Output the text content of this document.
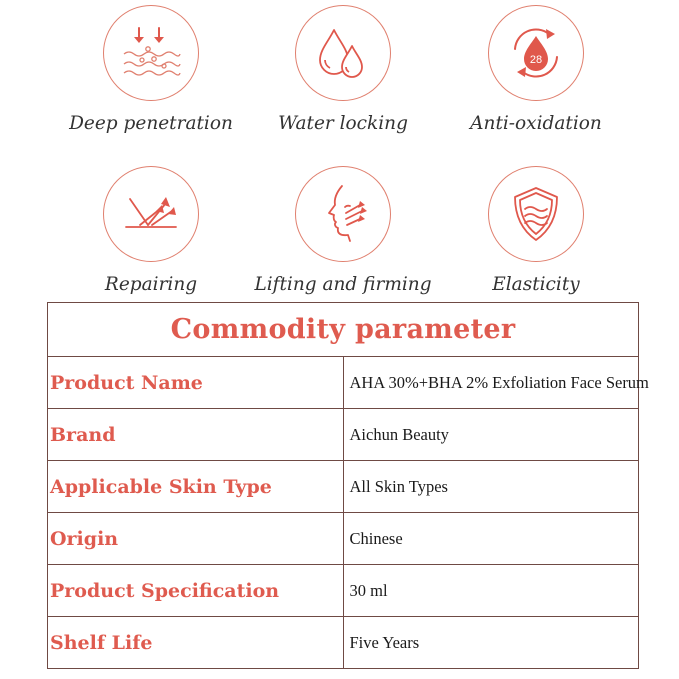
Deep penetration	Water locking
28
Anti-oxidation
Repairing	Lifting and firming	Elasticity
Commodity parameter	
Product Name	AHA 30%+BHA 2% Exfoliation Face Serum
Brand	Aichun Beauty
Applicable Skin Type	All Skin Types
Origin	Chinese
Product Specification	30 ml
Shelf Life	Five Years
